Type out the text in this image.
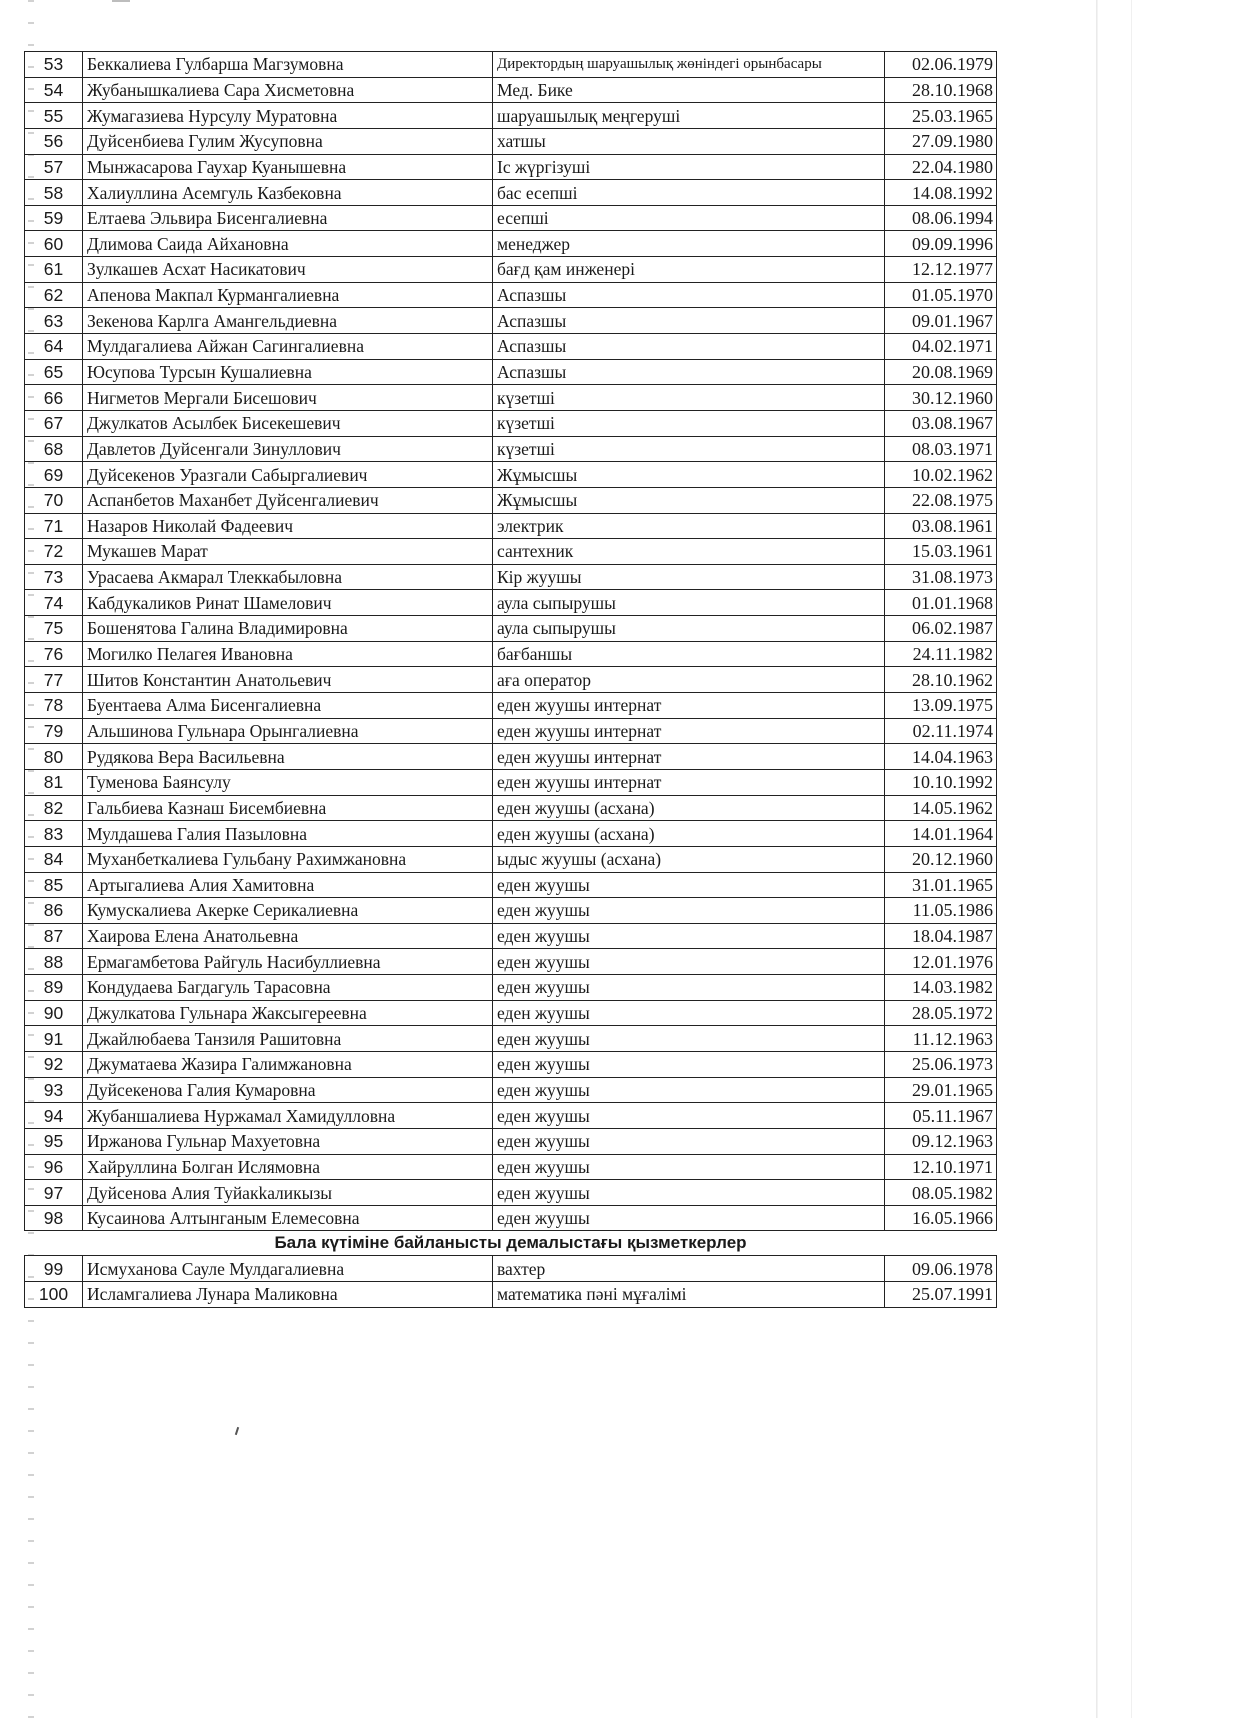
53	Беккалиева Гулбарша Магзумовна	Директордың шаруашылық жөніндегі орынбасары	02.06.1979
54	Жубанышкалиева Сара Хисметовна	Мед. Бике	28.10.1968
55	Жумагазиева Нурсулу Муратовна	шаруашылық меңгеруші	25.03.1965
56	Дуйсенбиева Гулим Жусуповна	хатшы	27.09.1980
57	Мынжасарова Гаухар Куанышевна	Іс жүргізуші	22.04.1980
58	Халиуллина Асемгуль Казбековна	бас есепші	14.08.1992
59	Елтаева Эльвира Бисенгалиевна	есепші	08.06.1994
60	Длимова Саида Айхановна	менеджер	09.09.1996
61	Зулкашев Асхат Насикатович	бағд қам инженері	12.12.1977
62	Апенова Макпал Курмангалиевна	Аспазшы	01.05.1970
63	Зекенова Карлга Амангельдиевна	Аспазшы	09.01.1967
64	Мулдагалиева Айжан Сагингалиевна	Аспазшы	04.02.1971
65	Юсупова Турсын Кушалиевна	Аспазшы	20.08.1969
66	Нигметов Мергали Бисешович	күзетші	30.12.1960
67	Джулкатов Асылбек Бисекешевич	күзетші	03.08.1967
68	Давлетов Дуйсенгали Зинуллович	күзетші	08.03.1971
69	Дуйсекенов Уразгали Сабыргалиевич	Жұмысшы	10.02.1962
70	Аспанбетов Маханбет Дуйсенгалиевич	Жұмысшы	22.08.1975
71	Назаров Николай Фадеевич	электрик	03.08.1961
72	Мукашев Марат	сантехник	15.03.1961
73	Урасаева Акмарал Тлеккабыловна	Кір жуушы	31.08.1973
74	Кабдукаликов Ринат Шамелович	аула сыпырушы	01.01.1968
75	Бошенятова Галина Владимировна	аула сыпырушы	06.02.1987
76	Могилко Пелагея Ивановна	бағбаншы	24.11.1982
77	Шитов Константин Анатольевич	аға оператор	28.10.1962
78	Буентаева Алма Бисенгалиевна	еден жуушы интернат	13.09.1975
79	Альшинова Гульнара Орынгалиевна	еден жуушы интернат	02.11.1974
80	Рудякова Вера Васильевна	еден жуушы интернат	14.04.1963
81	Туменова Баянсулу	еден жуушы интернат	10.10.1992
82	Гальбиева Казнаш Бисембиевна	еден жуушы (асхана)	14.05.1962
83	Мулдашева Галия Пазыловна	еден жуушы (асхана)	14.01.1964
84	Муханбеткалиева Гульбану Рахимжановна	ыдыс жуушы (асхана)	20.12.1960
85	Артыгалиева Алия Хамитовна	еден жуушы	31.01.1965
86	Кумускалиева Акерке Серикалиевна	еден жуушы	11.05.1986
87	Хаирова Елена Анатольевна	еден жуушы	18.04.1987
88	Ермагамбетова Райгуль Насибуллиевна	еден жуушы	12.01.1976
89	Кондудаева Багдагуль Тарасовна	еден жуушы	14.03.1982
90	Джулкатова Гульнара Жаксыгереевна	еден жуушы	28.05.1972
91	Джайлюбаева Танзиля Рашитовна	еден жуушы	11.12.1963
92	Джуматаева Жазира Галимжановна	еден жуушы	25.06.1973
93	Дуйсекенова Галия Кумаровна	еден жуушы	29.01.1965
94	Жубаншалиева Нуржамал Хамидулловна	еден жуушы	05.11.1967
95	Иржанова Гульнар Махуетовна	еден жуушы	09.12.1963
96	Хайруллина Болган Ислямовна	еден жуушы	12.10.1971
97	Дуйсенова Алия Туйакkaликызы	еден жуушы	08.05.1982
98	Кусаинова Алтынганым Елемесовна	еден жуушы	16.05.1966
Бала күтіміне байланысты демалыстағы қызметкерлер			
99	Исмуханова Сауле Мулдагалиевна	вахтер	09.06.1978
100	Исламгалиева Лунара Маликовна	математика пәні мұғалімі	25.07.1991
